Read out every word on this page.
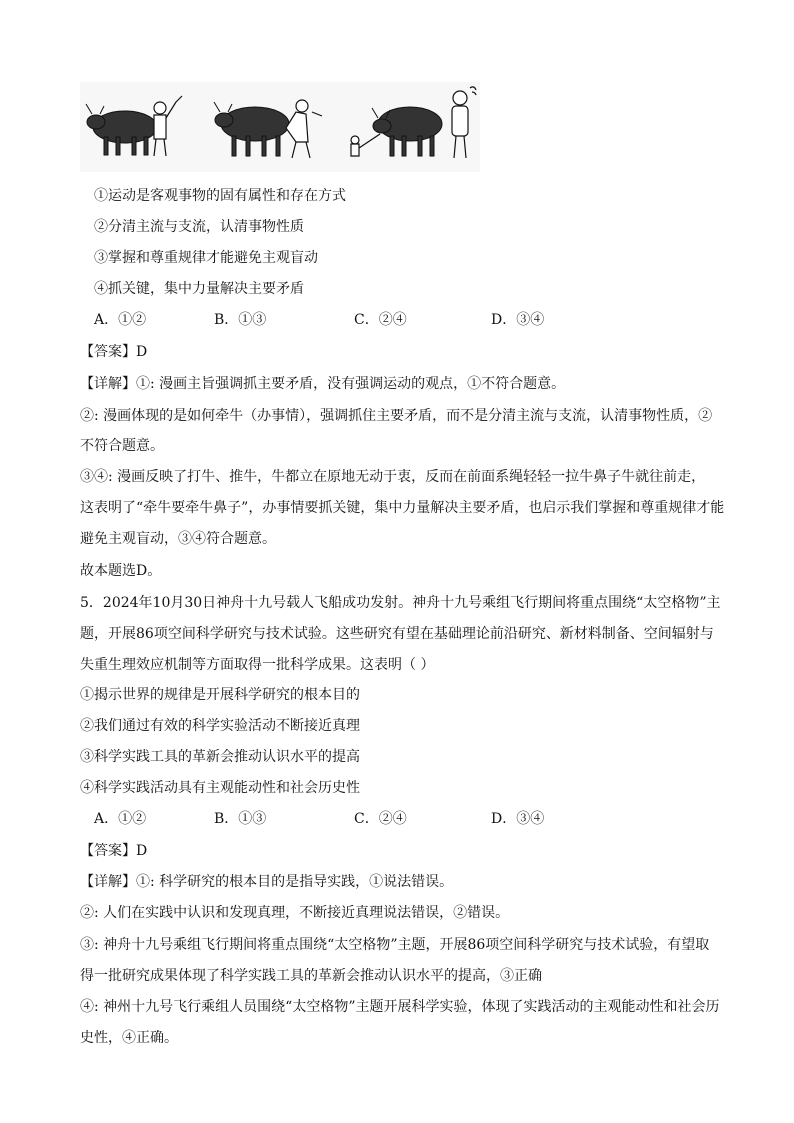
①运动是客观事物的固有属性和存在方式
②分清主流与支流，认清事物性质
③掌握和尊重规律才能避免主观盲动
④抓关键，集中力量解决主要矛盾
A．①②	B．①③	C．②④	D．③④
【答案】D
【详解】①: 漫画主旨强调抓主要矛盾，没有强调运动的观点，①不符合题意。
②: 漫画体现的是如何牵牛（办事情），强调抓住主要矛盾，而不是分清主流与支流，认清事物性质，②
不符合题意。
③④: 漫画反映了打牛、推牛，牛都立在原地无动于衷，反而在前面系绳轻轻一拉牛鼻子牛就往前走，
这表明了“牵牛要牵牛鼻子”，办事情要抓关键，集中力量解决主要矛盾，也启示我们掌握和尊重规律才能
避免主观盲动，③④符合题意。
故本题选D。
5．2024年10月30日神舟十九号载人飞船成功发射。神舟十九号乘组飞行期间将重点围绕“太空格物”主
题，开展86项空间科学研究与技术试验。这些研究有望在基础理论前沿研究、新材料制备、空间辐射与
失重生理效应机制等方面取得一批科学成果。这表明（ ）
①揭示世界的规律是开展科学研究的根本目的
②我们通过有效的科学实验活动不断接近真理
③科学实践工具的革新会推动认识水平的提高
④科学实践活动具有主观能动性和社会历史性
A．①②	B．①③	C．②④	D．③④
【答案】D
【详解】①: 科学研究的根本目的是指导实践，①说法错误。
②: 人们在实践中认识和发现真理，不断接近真理说法错误，②错误。
③: 神舟十九号乘组飞行期间将重点围绕“太空格物”主题，开展86项空间科学研究与技术试验，有望取
得一批研究成果体现了科学实践工具的革新会推动认识水平的提高，③正确
④: 神州十九号飞行乘组人员围绕“太空格物”主题开展科学实验，体现了实践活动的主观能动性和社会历
史性，④正确。
